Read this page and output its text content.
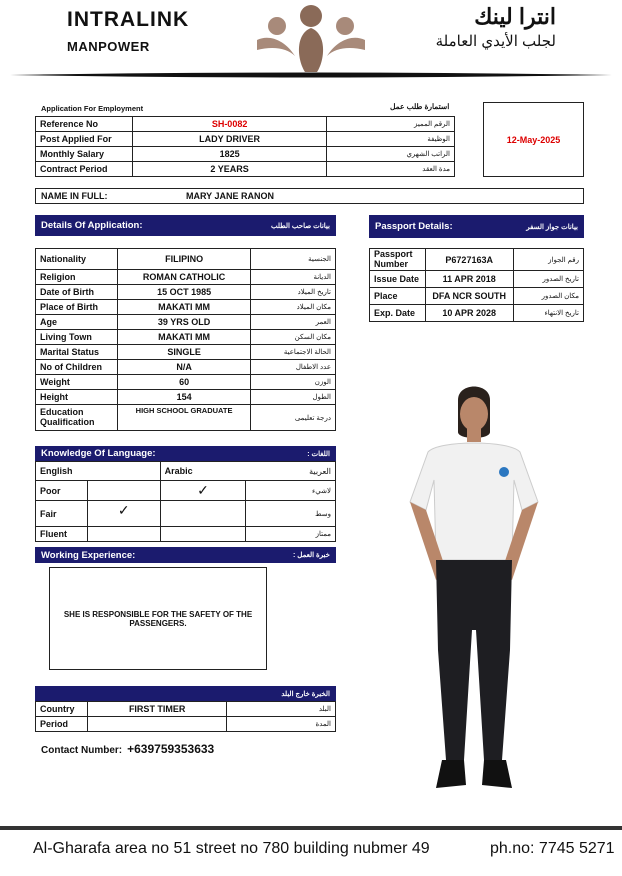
INTRALINK
MANPOWER
انترا لينك
لجلب الأيدي العاملة
Application For Employment	استمارة طلب عمل
Reference No	SH-0082	الرقم المميز
Post Applied For	LADY DRIVER	الوظيفة
Monthly Salary	1825	الراتب الشهري
Contract Period	2 YEARS	مدة العقد
12-May-2025
NAME IN FULL:	MARY JANE RANON
Details Of Application:	بيانات صاحب الطلب
Nationality	FILIPINO	الجنسية
Religion	ROMAN CATHOLIC	الديانة
Date of Birth	15 OCT 1985	تاريخ الميلاد
Place of Birth	MAKATI MM	مكان الميلاد
Age	39 YRS OLD	العمر
Living Town	MAKATI MM	مكان السكن
Marital Status	SINGLE	الحالة الاجتماعية
No of Children	N/A	عدد الاطفال
Weight	60	الوزن
Height	154	الطول
Education Qualification	HIGH SCHOOL GRADUATE	درجة تعليمى
Passport Details:	بيانات جواز السفر
Passport Number	P6727163A	رقم الجواز
Issue Date	11 APR 2018	تاريخ الصدور
Place	DFA NCR SOUTH	مكان الصدور
Exp. Date	10 APR 2028	تاريخ الانتهاء
Knowledge Of Language:	اللغات :
English		Arabic	العربية
Poor		✓	لاشيء
Fair	✓		وسط
Fluent			ممتاز
Working Experience:	خبرة العمل :
SHE IS RESPONSIBLE FOR THE SAFETY OF THE PASSENGERS.
الخبرة خارج البلد
Country	FIRST TIMER	البلد
Period		المدة
Contact Number: +639759353633
Al-Gharafa area no 51 street no 780 building nubmer 49	ph.no: 7745 5271
